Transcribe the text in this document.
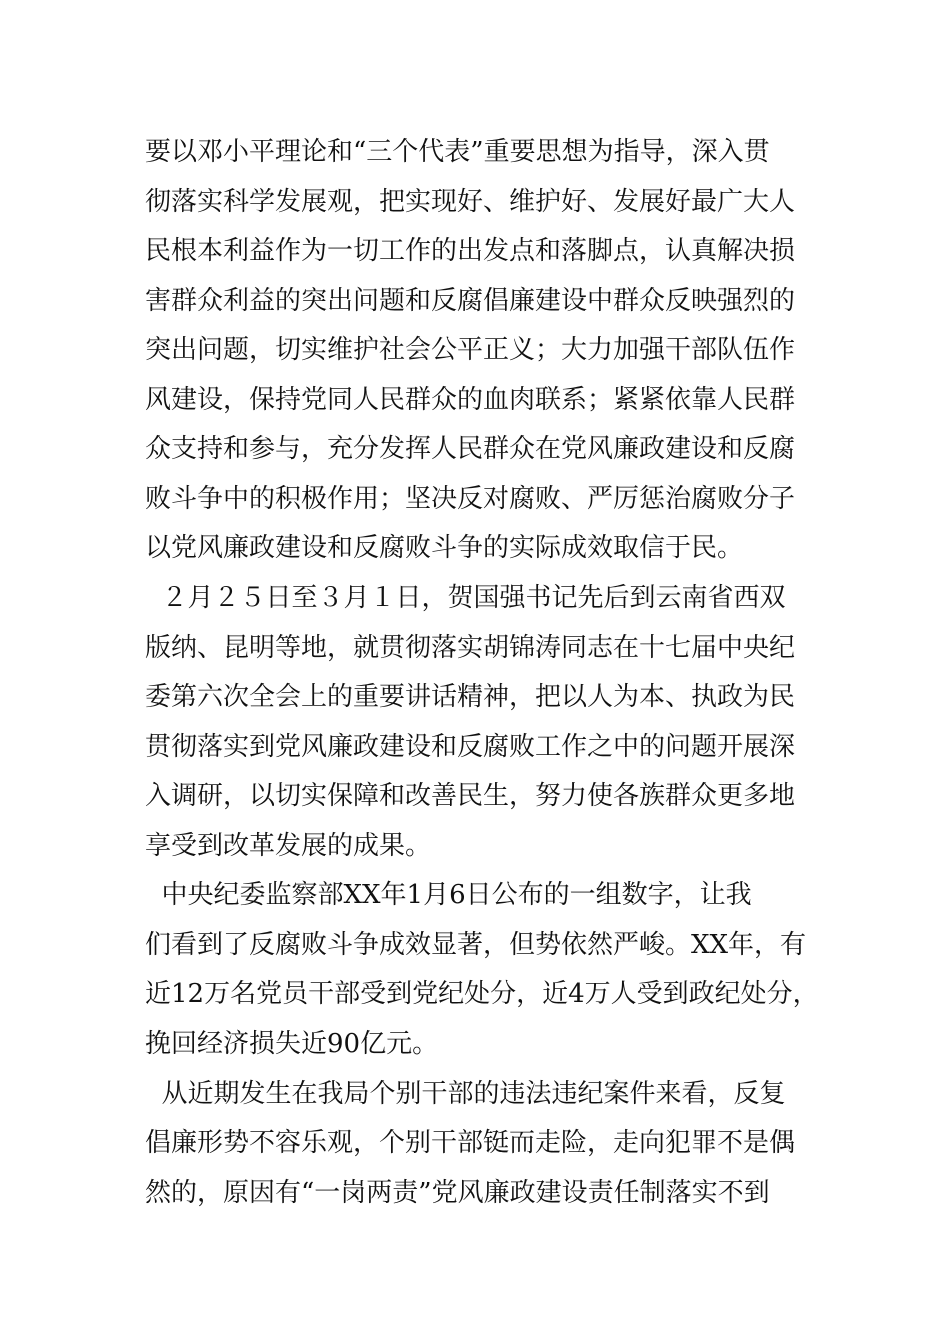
要以邓小平理论和“三个代表”重要思想为指导，深入贯
彻落实科学发展观，把实现好、维护好、发展好最广大人
民根本利益作为一切工作的出发点和落脚点，认真解决损
害群众利益的突出问题和反腐倡廉建设中群众反映强烈的
突出问题，切实维护社会公平正义；大力加强干部队伍作
风建设，保持党同人民群众的血肉联系；紧紧依靠人民群
众支持和参与，充分发挥人民群众在党风廉政建设和反腐
败斗争中的积极作用；坚决反对腐败、严厉惩治腐败分子
以党风廉政建设和反腐败斗争的实际成效取信于民。
２月２５日至３月１日，贺国强书记先后到云南省西双
版纳、昆明等地，就贯彻落实胡锦涛同志在十七届中央纪
委第六次全会上的重要讲话精神，把以人为本、执政为民
贯彻落实到党风廉政建设和反腐败工作之中的问题开展深
入调研，以切实保障和改善民生，努力使各族群众更多地
享受到改革发展的成果。
中央纪委监察部XX年1月6日公布的一组数字，让我
们看到了反腐败斗争成效显著，但势依然严峻。XX年，有
近12万名党员干部受到党纪处分，近4万人受到政纪处分，
挽回经济损失近90亿元。
从近期发生在我局个别干部的违法违纪案件来看，反复
倡廉形势不容乐观，个别干部铤而走险，走向犯罪不是偶
然的，原因有“一岗两责”党风廉政建设责任制落实不到
